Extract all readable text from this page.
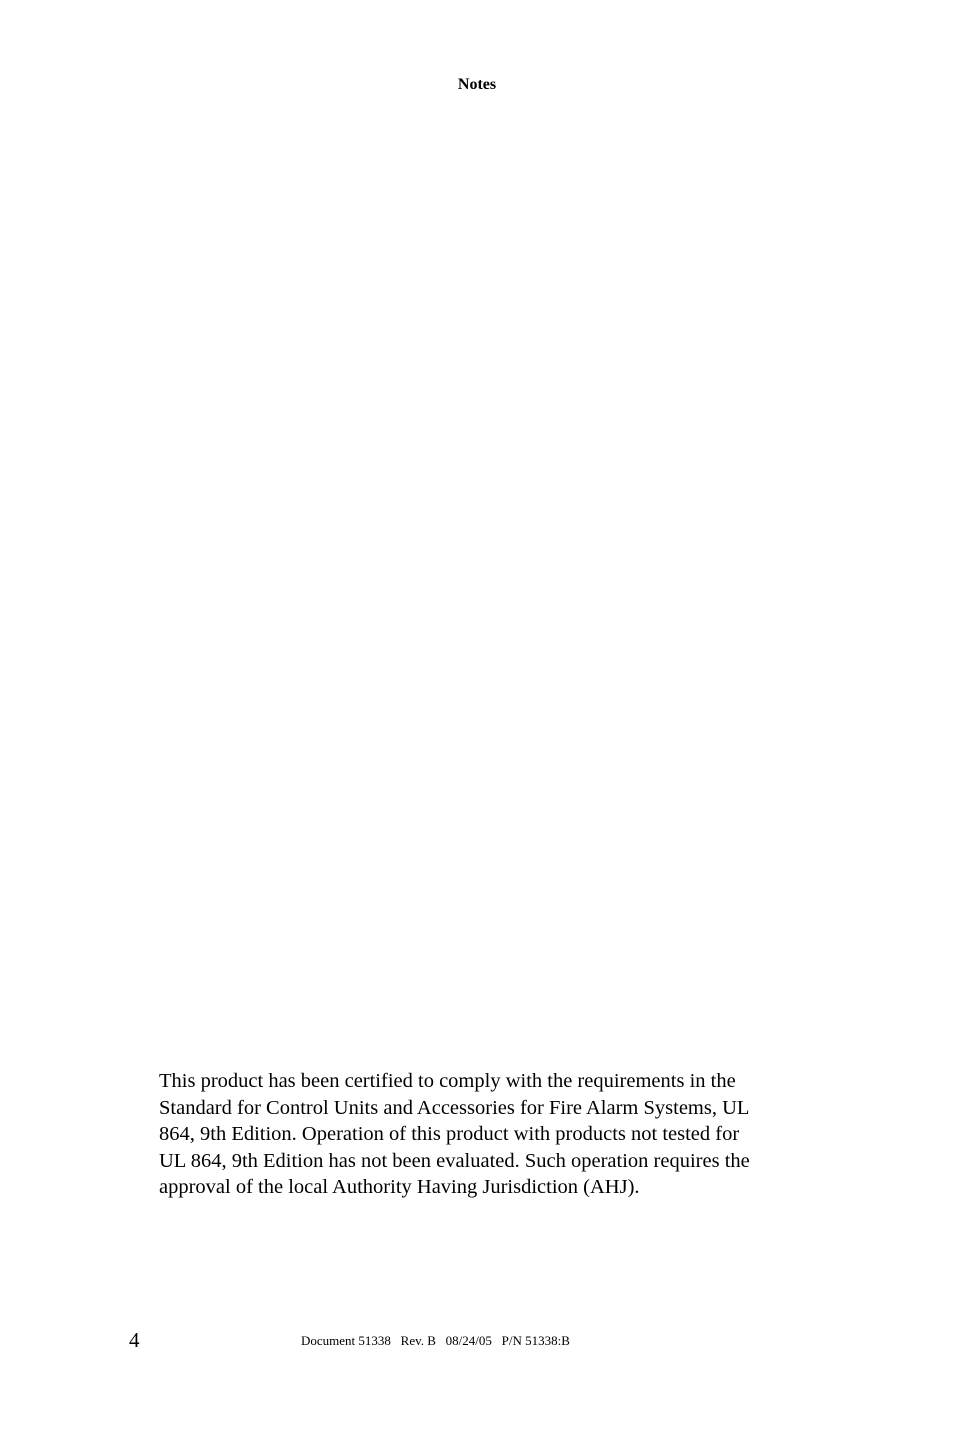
Notes

This product has been certified to comply with the requirements in the
Standard for Control Units and Accessories for Fire Alarm Systems, UL
864, 9th Edition. Operation of this product with products not tested for
UL 864, 9th Edition has not been evaluated. Such operation requires the
approval of the local Authority Having Jurisdiction (AHJ).

4	Document 51338   Rev. B   08/24/05   P/N 51338:B
